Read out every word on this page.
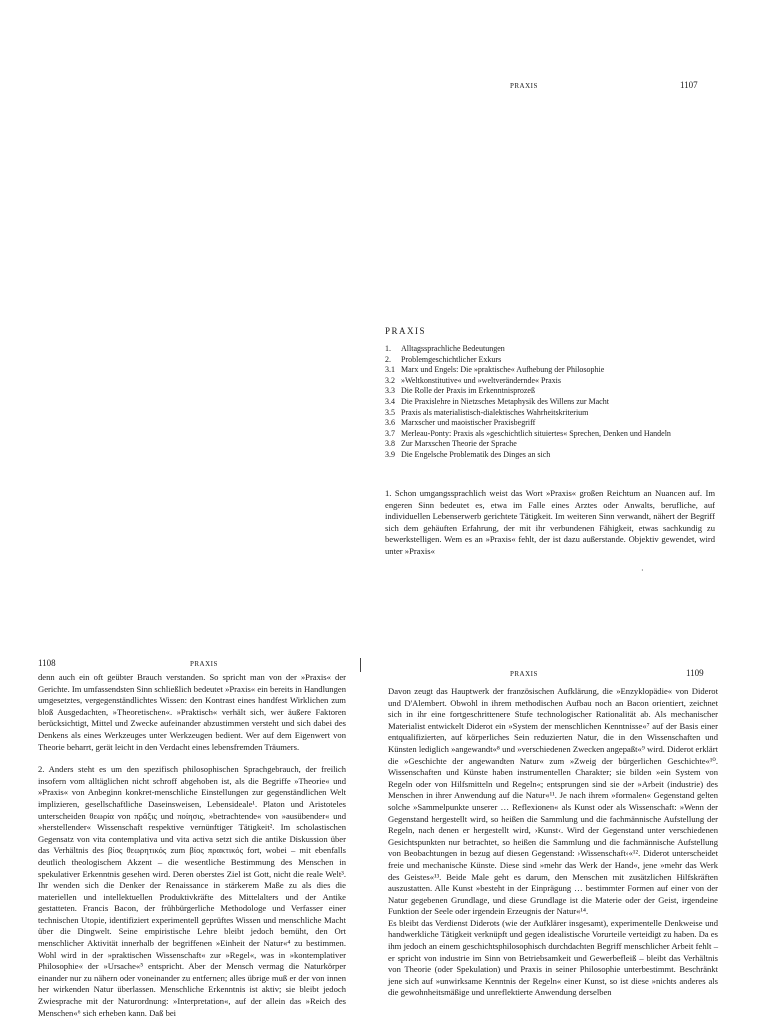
PRAXIS	1107
PRAXIS
1. Alltagssprachliche Bedeutungen
2. Problemgeschichtlicher Exkurs
3.1 Marx und Engels: Die »praktische« Aufhebung der Philosophie
3.2 »Weltkonstitutive« und »weltverändernde« Praxis
3.3 Die Rolle der Praxis im Erkenntnisprozeß
3.4 Die Praxislehre in Nietzsches Metaphysik des Willens zur Macht
3.5 Praxis als materialistisch-dialektisches Wahrheitskriterium
3.6 Marxscher und maoistischer Praxisbegriff
3.7 Merleau-Ponty: Praxis als »geschichtlich situiertes« Sprechen, Denken und Handeln
3.8 Zur Marxschen Theorie der Sprache
3.9 Die Engelsche Problematik des Dinges an sich

1. Schon umgangssprachlich weist das Wort »Praxis« großen Reichtum an Nuancen auf. Im engeren Sinn bedeutet es, etwa im Falle eines Arztes oder Anwalts, berufliche, auf individuellen Lebenserwerb gerichtete Tätigkeit. Im weiteren Sinn verwandt, nähert der Begriff sich dem gehäuften Erfahrung, der mit ihr verbundenen Fähigkeit, etwas sachkundig zu bewerkstelligen. Wem es an »Praxis« fehlt, der ist dazu außerstande. Objektiv gewendet, wird unter »Praxis«

·
1108	PRAXIS

denn auch ein oft geübter Brauch verstanden. So spricht man von der »Praxis« der Gerichte. Im umfassendsten Sinn schließlich bedeutet »Praxis« ein bereits in Handlungen umgesetztes, vergegenständlichtes Wissen: den Kontrast eines handfest Wirklichen zum bloß Ausgedachten, »Theoretischen«. »Praktisch« verhält sich, wer äußere Faktoren berücksichtigt, Mittel und Zwecke aufeinander abzustimmen versteht und sich dabei des Denkens als eines Werkzeuges unter Werkzeugen bedient. Wer auf dem Eigenwert von Theorie beharrt, gerät leicht in den Verdacht eines lebensfremden Träumers.

2. Anders steht es um den spezifisch philosophischen Sprachgebrauch, der freilich insofern vom alltäglichen nicht schroff abgehoben ist, als die Begriffe »Theorie« und »Praxis« von Anbeginn konkret-menschliche Einstellungen zur gegenständlichen Welt implizieren, gesellschaftliche Daseinsweisen, Lebensideale¹. Platon und Aristoteles unterscheiden θεωρία von πρᾶξις und ποίησις, »betrachtende« von »ausübender« und »herstellender« Wissenschaft respektive vernünftiger Tätigkeit². Im scholastischen Gegensatz von vita contemplativa und vita activa setzt sich die antike Diskussion über das Verhältnis des βίος θεωρητικός zum βίος πρακτικός fort, wobei – mit ebenfalls deutlich theologischem Akzent – die wesentliche Bestimmung des Menschen in spekulativer Erkenntnis gesehen wird. Deren oberstes Ziel ist Gott, nicht die reale Welt³. Ihr wenden sich die Denker der Renaissance in stärkerem Maße zu als dies die materiellen und intellektuellen Produktivkräfte des Mittelalters und der Antike gestatteten. Francis Bacon, der frühbürgerliche Methodologe und Verfasser einer technischen Utopie, identifiziert experimentell geprüftes Wissen und menschliche Macht über die Dingwelt. Seine empiristische Lehre bleibt jedoch bemüht, den Ort menschlicher Aktivität innerhalb der begriffenen »Einheit der Natur«⁴ zu bestimmen. Wohl wird in der »praktischen Wissenschaft« zur »Regel«, was in »kontemplativer Philosophie« der »Ursache«⁵ entspricht. Aber der Mensch vermag die Naturkörper einander nur zu nähern oder voneinander zu entfernen; alles übrige muß er der von innen her wirkenden Natur überlassen. Menschliche Erkenntnis ist aktiv; sie bleibt jedoch Zwiesprache mit der Naturordnung: »Interpretation«, auf der allein das »Reich des Menschen«⁶ sich erheben kann. Daß bei

PRAXIS	1109

Davon zeugt das Hauptwerk der französischen Aufklärung, die »Enzyklopädie« von Diderot und D'Alembert. Obwohl in ihrem methodischen Aufbau noch an Bacon orientiert, zeichnet sich in ihr eine fortgeschrittenere Stufe technologischer Rationalität ab. Als mechanischer Materialist entwickelt Diderot ein »System der menschlichen Kenntnisse«⁷ auf der Basis einer entqualifizierten, auf körperliches Sein reduzierten Natur, die in den Wissenschaften und Künsten lediglich »angewandt«⁸ und »verschiedenen Zwecken angepaßt«⁹ wird. Diderot erklärt die »Geschichte der angewandten Natur« zum »Zweig der bürgerlichen Geschichte«¹⁰. Wissenschaften und Künste haben instrumentellen Charakter; sie bilden »ein System von Regeln oder von Hilfsmitteln und Regeln«; entsprungen sind sie der »Arbeit (industrie) des Menschen in ihrer Anwendung auf die Natur«¹¹. Je nach ihrem »formalen« Gegenstand gelten solche »Sammelpunkte unserer … Reflexionen« als Kunst oder als Wissenschaft: »Wenn der Gegenstand hergestellt wird, so heißen die Sammlung und die fachmännische Aufstellung der Regeln, nach denen er hergestellt wird, ›Kunst‹. Wird der Gegenstand unter verschiedenen Gesichtspunkten nur betrachtet, so heißen die Sammlung und die fachmännische Aufstellung von Beobachtungen in bezug auf diesen Gegenstand: ›Wissenschaft‹«¹². Diderot unterscheidet freie und mechanische Künste. Diese sind »mehr das Werk der Hand«, jene »mehr das Werk des Geistes«¹³. Beide Male geht es darum, den Menschen mit zusätzlichen Hilfskräften auszustatten. Alle Kunst »besteht in der Einprägung … bestimmter Formen auf einer von der Natur gegebenen Grundlage, und diese Grundlage ist die Materie oder der Geist, irgendeine Funktion der Seele oder irgendein Erzeugnis der Natur«¹⁴.

Es bleibt das Verdienst Diderots (wie der Aufklärer insgesamt), experimentelle Denkweise und handwerkliche Tätigkeit verknüpft und gegen idealistische Vorurteile verteidigt zu haben. Da es ihm jedoch an einem geschichtsphilosophisch durchdachten Begriff menschlicher Arbeit fehlt – er spricht von industrie im Sinn von Betriebsamkeit und Gewerbefleiß – bleibt das Verhältnis von Theorie (oder Spekulation) und Praxis in seiner Philosophie unterbestimmt. Beschränkt jene sich auf »unwirksame Kenntnis der Regeln« einer Kunst, so ist diese »nichts anderes als die gewohnheitsmäßige und unreflektierte Anwendung derselben
